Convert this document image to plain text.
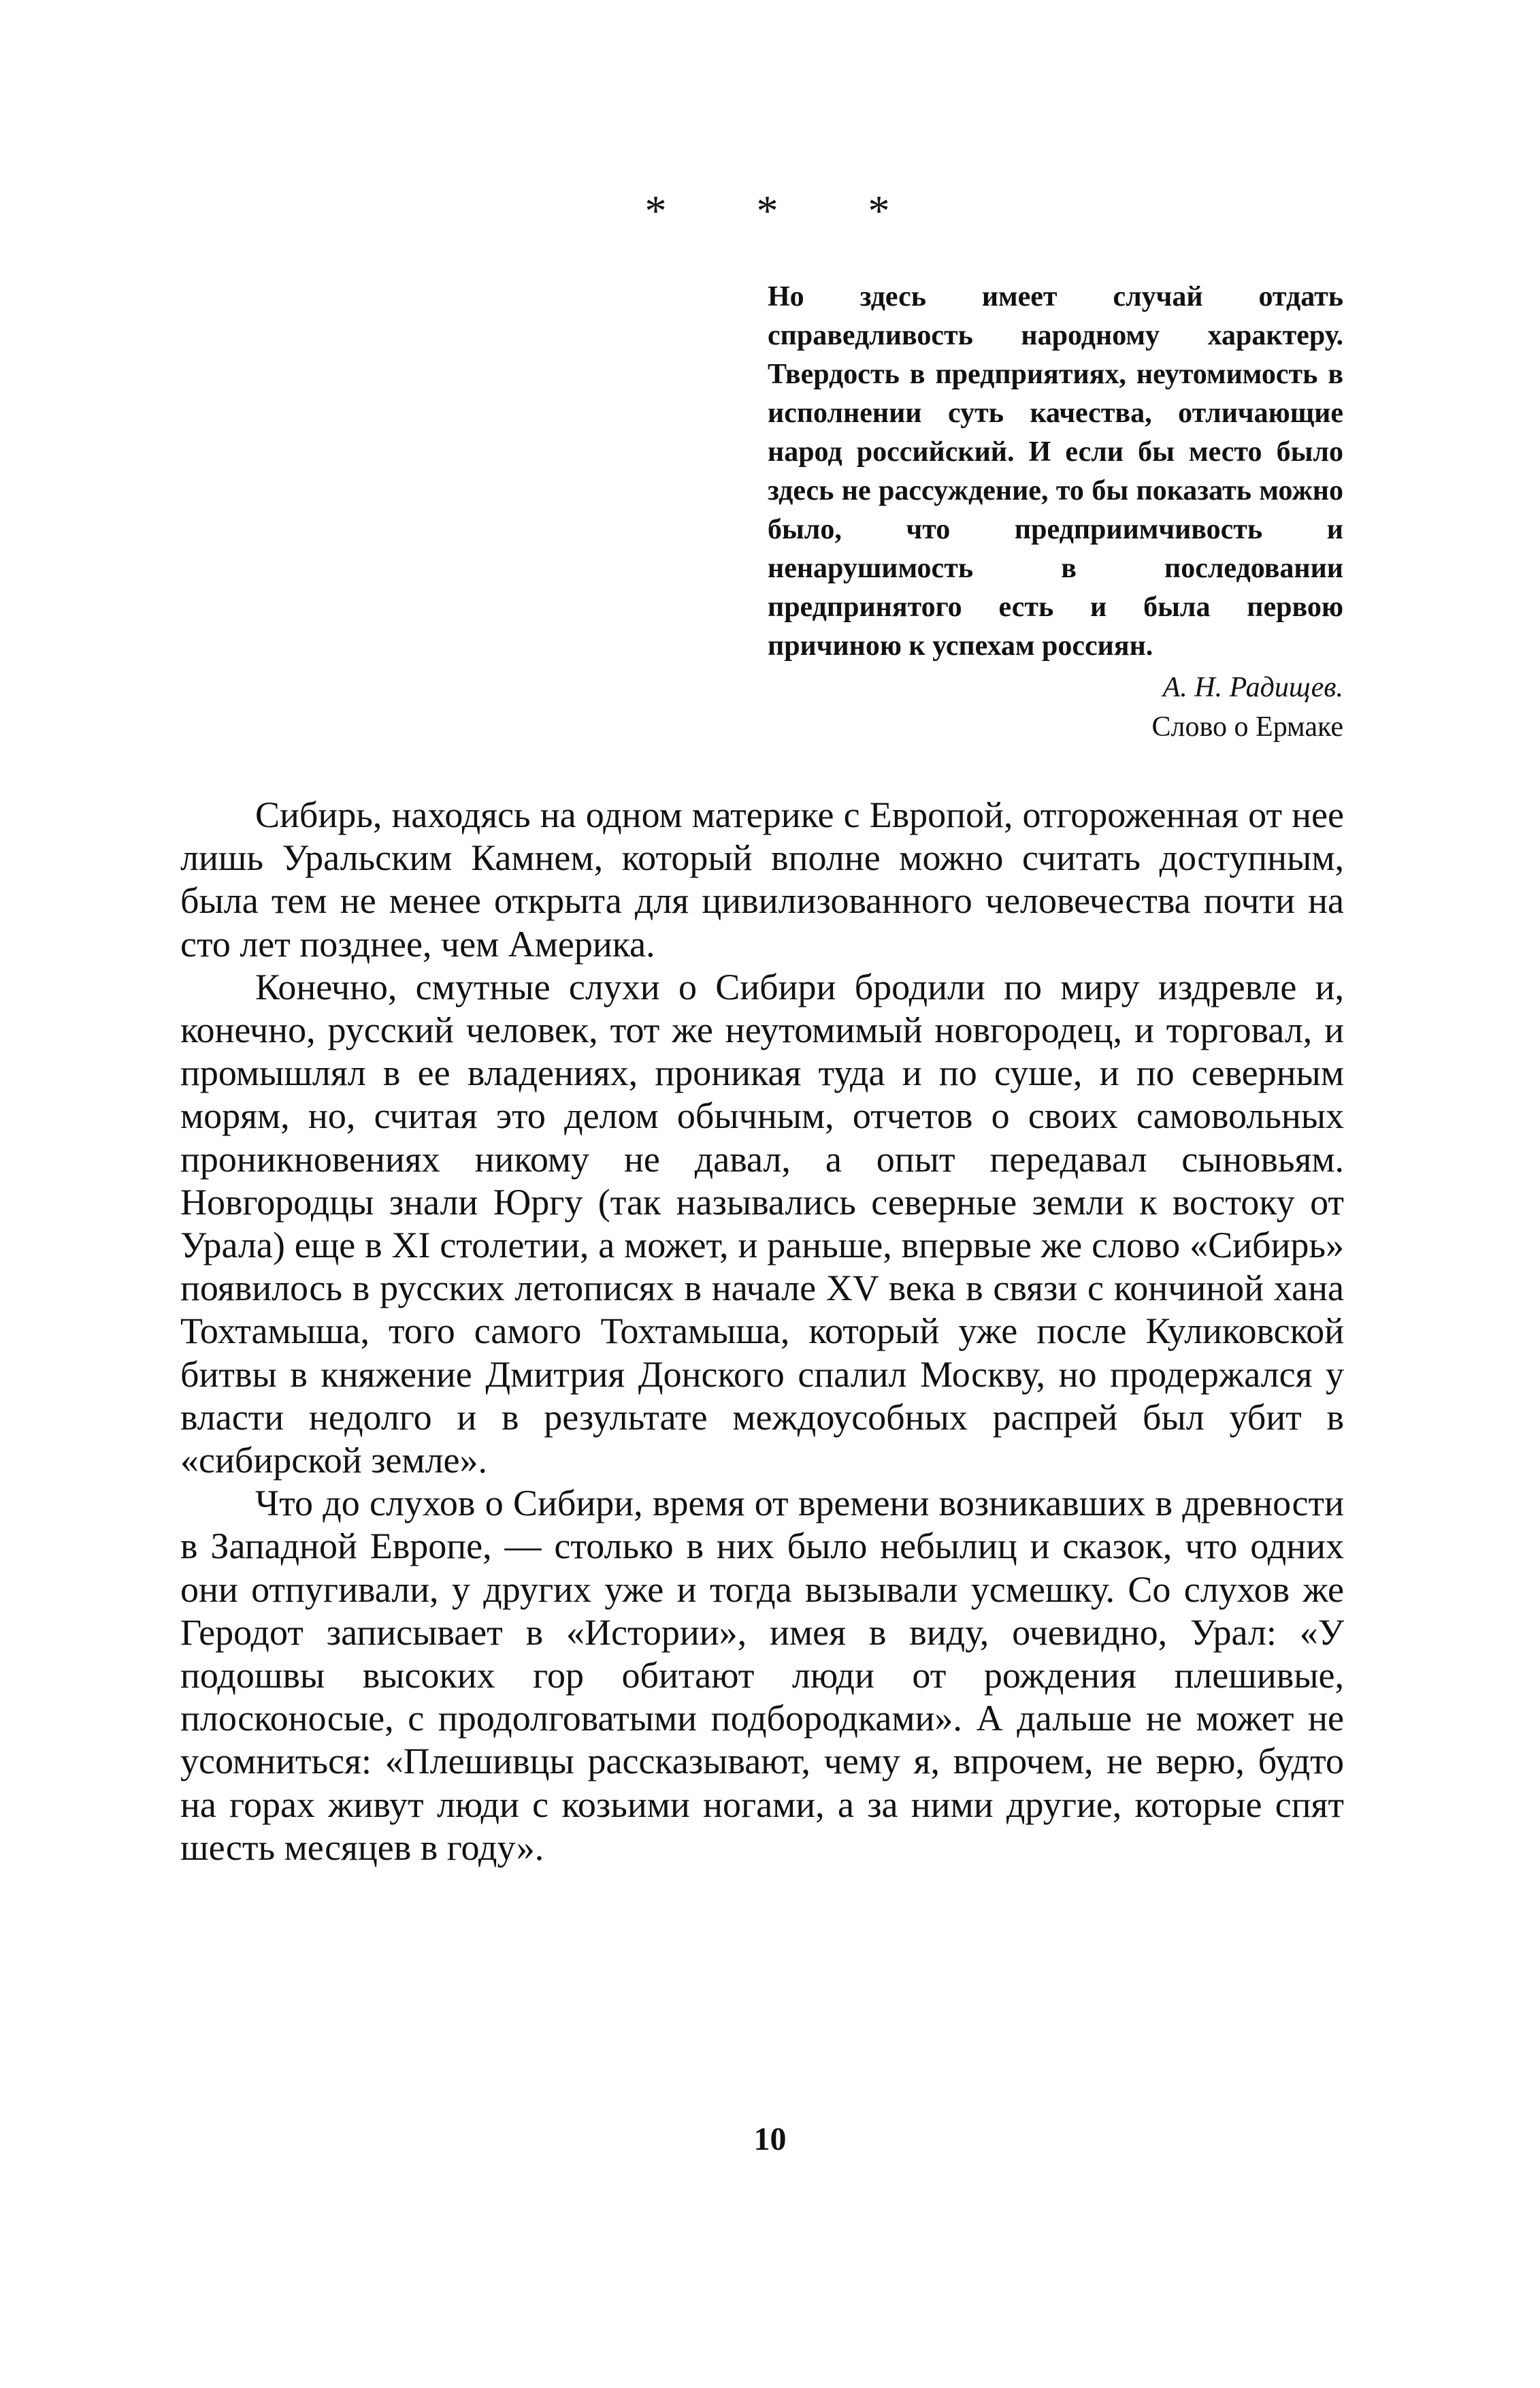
* * *
Но здесь имеет случай отдать справедливость народному характеру. Твердость в предприятиях, неутомимость в исполнении суть качества, отличающие народ российский. И если бы место было здесь не рассуждение, то бы показать можно было, что предприимчивость и ненарушимость в последовании предпринятого есть и была первою причиною к успехам россиян.
А. Н. Радищев.
Слово о Ермаке

Сибирь, находясь на одном материке с Европой, отгороженная от нее лишь Уральским Камнем, который вполне можно считать доступным, была тем не менее открыта для цивилизованного человечества почти на сто лет позднее, чем Америка.

Конечно, смутные слухи о Сибири бродили по миру издревле и, конечно, русский человек, тот же неутомимый новгородец, и торговал, и промышлял в ее владениях, проникая туда и по суше, и по северным морям, но, считая это делом обычным, отчетов о своих самовольных проникновениях никому не давал, а опыт передавал сыновьям. Новгородцы знали Юргу (так назывались северные земли к востоку от Урала) еще в XI столетии, а может, и раньше, впервые же слово «Сибирь» появилось в русских летописях в начале XV века в связи с кончиной хана Тохтамыша, того самого Тохтамыша, который уже после Куликовской битвы в княжение Дмитрия Донского спалил Москву, но продержался у власти недолго и в результате междоусобных распрей был убит в «сибирской земле».

Что до слухов о Сибири, время от времени возникавших в древности в Западной Европе, — столько в них было небылиц и сказок, что одних они отпугивали, у других уже и тогда вызывали усмешку. Со слухов же Геродот записывает в «Истории», имея в виду, очевидно, Урал: «У подошвы высоких гор обитают люди от рождения плешивые, плосконосые, с продолговатыми подбородками». А дальше не может не усомниться: «Плешивцы рассказывают, чему я, впрочем, не верю, будто на горах живут люди с козьими ногами, а за ними другие, которые спят шесть месяцев в году».

10
